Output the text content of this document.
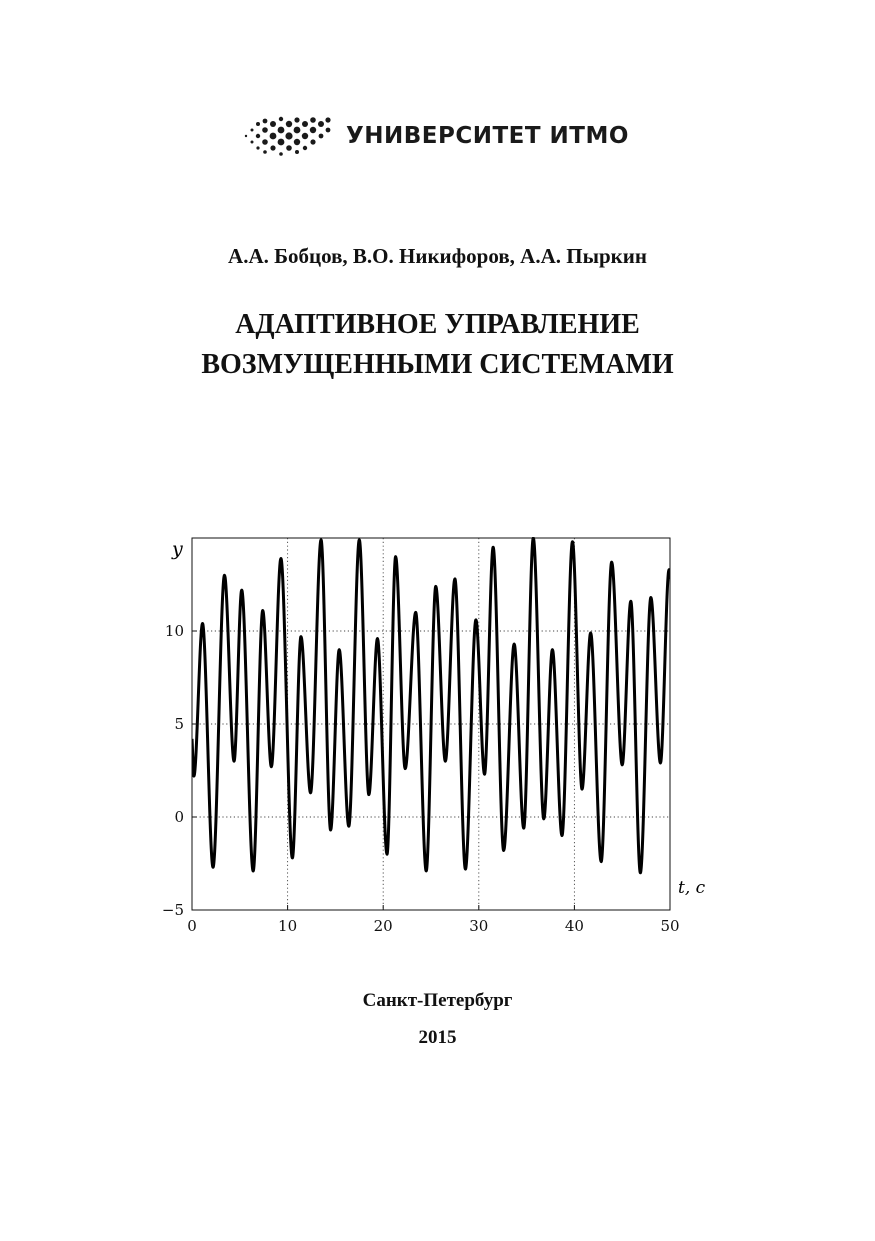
УНИВЕРСИТЕТ ИТМО
А.А. Бобцов, В.О. Никифоров, А.А. Пыркин
АДАПТИВНОЕ УПРАВЛЕНИЕ
ВОЗМУЩЕННЫМИ СИСТЕМАМИ
0	10	20	30	40	50
−5
0
5
10
y
t, c
Санкт-Петербург
2015
